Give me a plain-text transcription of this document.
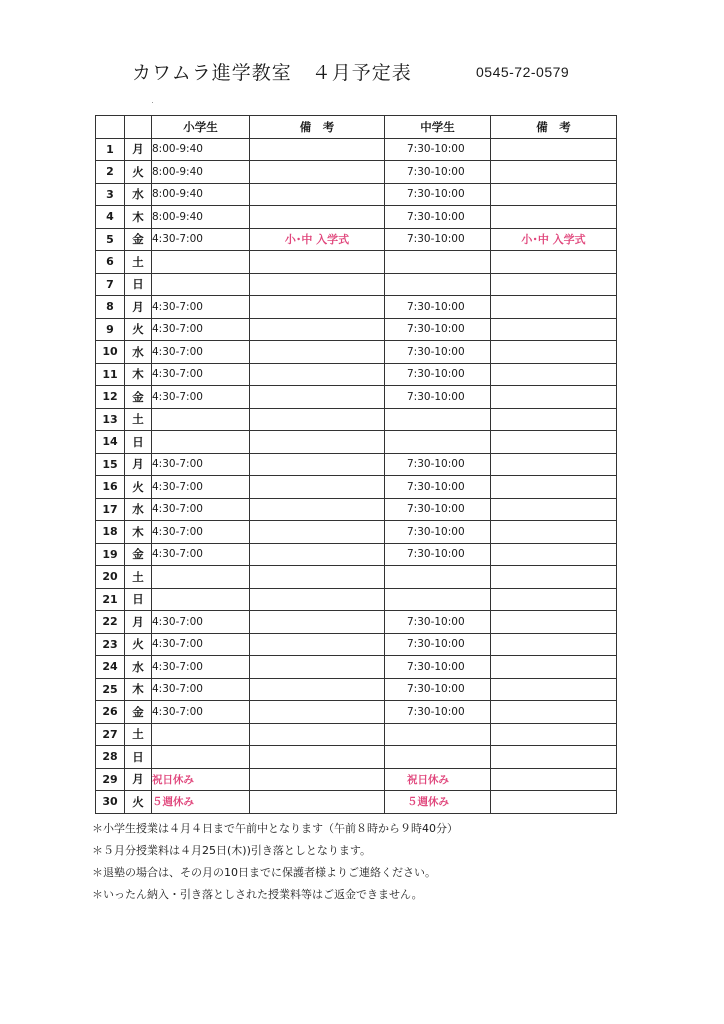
カワムラ進学教室　４月予定表	0545-72-0579
		小学生	備　考	中学生	備　考
1	月	8:00-9:40		7:30-10:00	
2	火	8:00-9:40		7:30-10:00	
3	水	8:00-9:40		7:30-10:00	
4	木	8:00-9:40		7:30-10:00	
5	金	4:30-7:00	小･中 入学式	7:30-10:00	小･中 入学式
6	土				
7	日				
8	月	4:30-7:00		7:30-10:00	
9	火	4:30-7:00		7:30-10:00	
10	水	4:30-7:00		7:30-10:00	
11	木	4:30-7:00		7:30-10:00	
12	金	4:30-7:00		7:30-10:00	
13	土				
14	日				
15	月	4:30-7:00		7:30-10:00	
16	火	4:30-7:00		7:30-10:00	
17	水	4:30-7:00		7:30-10:00	
18	木	4:30-7:00		7:30-10:00	
19	金	4:30-7:00		7:30-10:00	
20	土				
21	日				
22	月	4:30-7:00		7:30-10:00	
23	火	4:30-7:00		7:30-10:00	
24	水	4:30-7:00		7:30-10:00	
25	木	4:30-7:00		7:30-10:00	
26	金	4:30-7:00		7:30-10:00	
27	土				
28	日				
29	月	祝日休み		祝日休み	
30	火	５週休み		５週休み	
＊小学生授業は４月４日まで午前中となります（午前８時から９時40分）
＊５月分授業料は４月25日(木))引き落としとなります。
＊退塾の場合は、その月の10日までに保護者様よりご連絡ください。
＊いったん納入・引き落としされた授業料等はご返金できません。
